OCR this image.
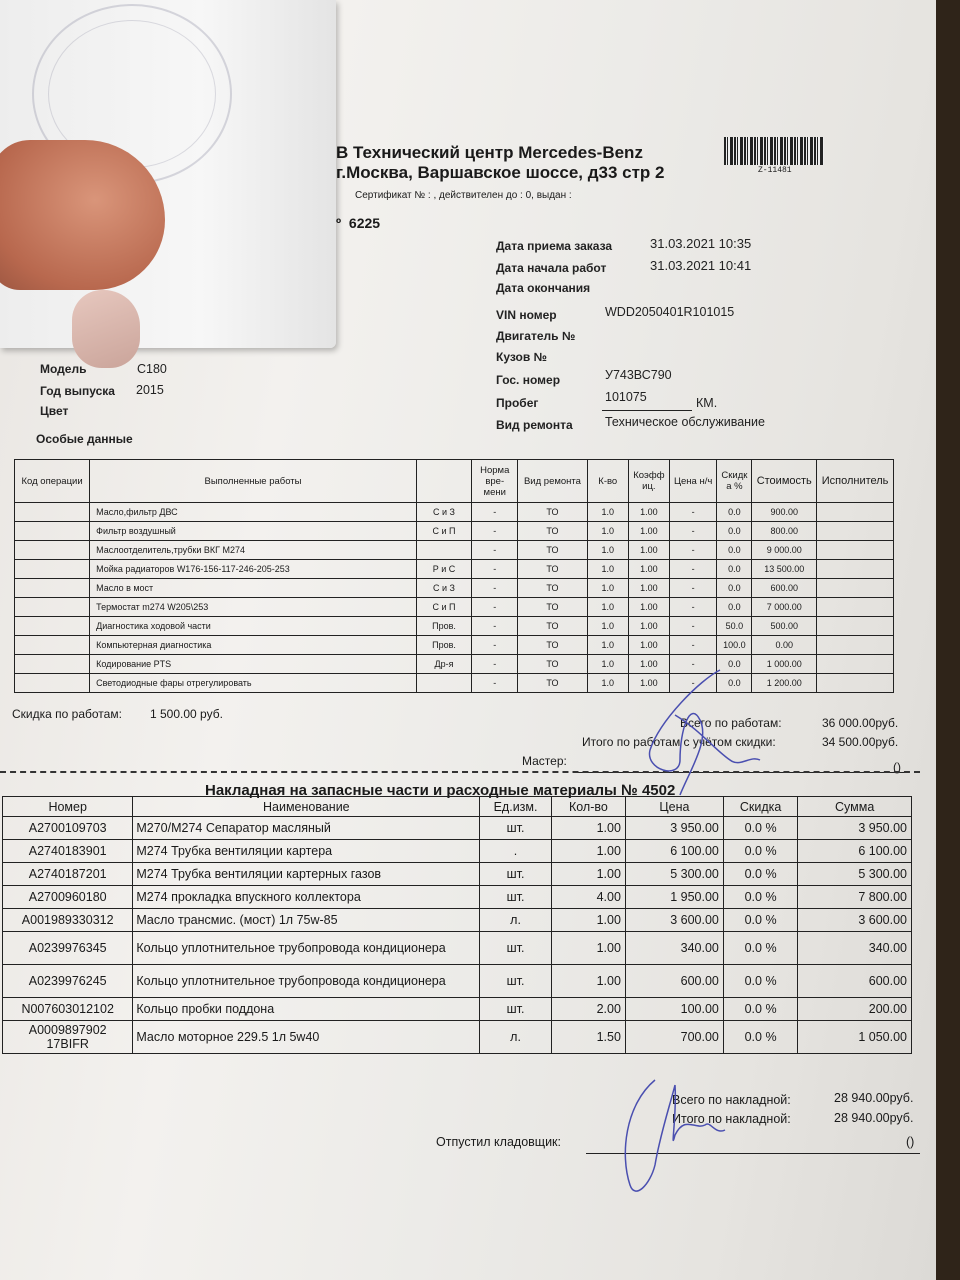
В Технический центр Mercedes-Benz
г.Москва, Варшавское шоссе, д33 стр 2
Сертификат № : , действителен до : 0, выдан :
º 6225
Z-11481
Дата приема заказа	31.03.2021 10:35
Дата начала работ	31.03.2021 10:41
Дата окончания
VIN номер	WDD2050401R101015
Двигатель №
Кузов №
Гос. номер	У743ВС790
Пробег	101075	КМ.
Вид ремонта	Техническое обслуживание
Модель	C180
Год выпуска 2015
Цвет
Особые данные
Код операции	Выполненные работы		Норма вре- мени	Вид ремонта	К-во	Коэфф иц.	Цена н/ч	Скидк а %	Стоимость	Исполнитель
	Масло,фильтр ДВС	С и З	-	ТО	1.0	1.00	-	0.0	900.00	
	Фильтр воздушный	С и П	-	ТО	1.0	1.00	-	0.0	800.00	
	Маслоотделитель,трубки ВКГ М274		-	ТО	1.0	1.00	-	0.0	9 000.00	
	Мойка радиаторов W176-156-117-246-205-253	Р и С	-	ТО	1.0	1.00	-	0.0	13 500.00	
	Масло в мост	С и З	-	ТО	1.0	1.00	-	0.0	600.00	
	Термостат m274 W205\253	С и П	-	ТО	1.0	1.00	-	0.0	7 000.00	
	Диагностика ходовой части	Пров.	-	ТО	1.0	1.00	-	50.0	500.00	
	Компьютерная диагностика	Пров.	-	ТО	1.0	1.00	-	100.0	0.00	
	Кодирование PTS	Др-я	-	ТО	1.0	1.00	-	0.0	1 000.00	
	Светодиодные фары отрегулировать		-	ТО	1.0	1.00	-	0.0	1 200.00	
Скидка по работам: 1 500.00 руб.
Всего по работам:	36 000.00руб.
Итого по работам с учётом скидки:	34 500.00руб.
Мастер:	()
Накладная на запасные части и расходные материалы № 4502
Номер	Наименование	Ед.изм.	Кол-во	Цена	Скидка	Сумма
A2700109703	M270/M274 Сепаратор масляный	шт.	1.00	3 950.00	0.0 %	3 950.00
A2740183901	M274 Трубка вентиляции картера	.	1.00	6 100.00	0.0 %	6 100.00
A2740187201	M274 Трубка вентиляции картерных газов	шт.	1.00	5 300.00	0.0 %	5 300.00
A2700960180	M274 прокладка впускного коллектора	шт.	4.00	1 950.00	0.0 %	7 800.00
A001989330312	Масло трансмис. (мост) 1л 75w-85	л.	1.00	3 600.00	0.0 %	3 600.00
A0239976345	Кольцо уплотнительное трубопровода кондиционера	шт.	1.00	340.00	0.0 %	340.00
A0239976245	Кольцо уплотнительное трубопровода кондиционера	шт.	1.00	600.00	0.0 %	600.00
N007603012102	Кольцо пробки поддона	шт.	2.00	100.00	0.0 %	200.00
A0009897902 17BIFR	Масло моторное 229.5 1л 5w40	л.	1.50	700.00	0.0 %	1 050.00
Всего по накладной:	28 940.00руб.
Итого по накладной:	28 940.00руб.
Отпустил кладовщик:	()
